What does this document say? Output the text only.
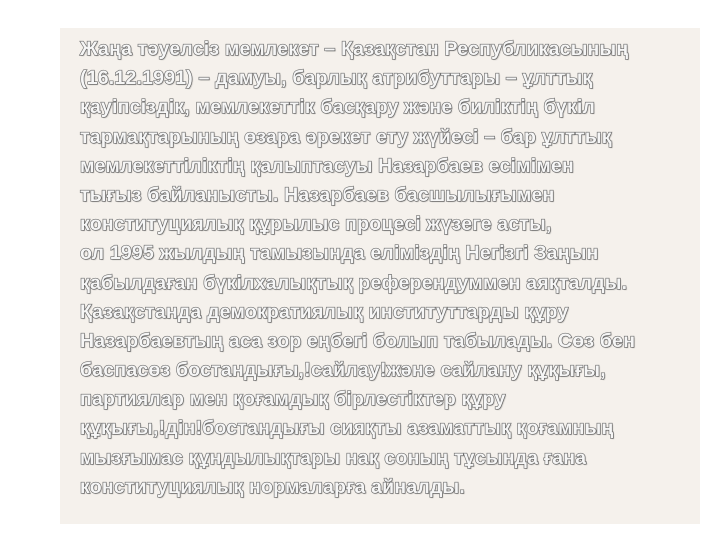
Жаңа тәуелсіз мемлекет – Қазақстан Республикасының
(16.12.1991) – дамуы, барлық атрибуттары – ұлттық
қауіпсіздік, мемлекеттік басқару және биліктің бүкіл
тармақтарының өзара әрекет ету жүйесі – бар ұлттық
мемлекеттіліктің қалыптасуы Назарбаев есімімен
тығыз байланысты. Назарбаев басшылығымен
конституциялық құрылыс процесі жүзеге асты,
ол 1995 жылдың тамызында еліміздің Негізгі Заңын
қабылдаған бүкілхалықтық референдуммен аяқталды.
Қазақстанда демократиялық институттарды құру
Назарбаевтың аса зор еңбегі болып табылады. Сөз бен
баспасөз бостандығы,!сайлау!және сайлану құқығы,
партиялар мен қоғамдық бірлестіктер құру
құқығы,!дін!бостандығы сияқты азаматтық қоғамның
мызғымас құндылықтары нақ соның тұсында ғана
конституциялық нормаларға айналды.
